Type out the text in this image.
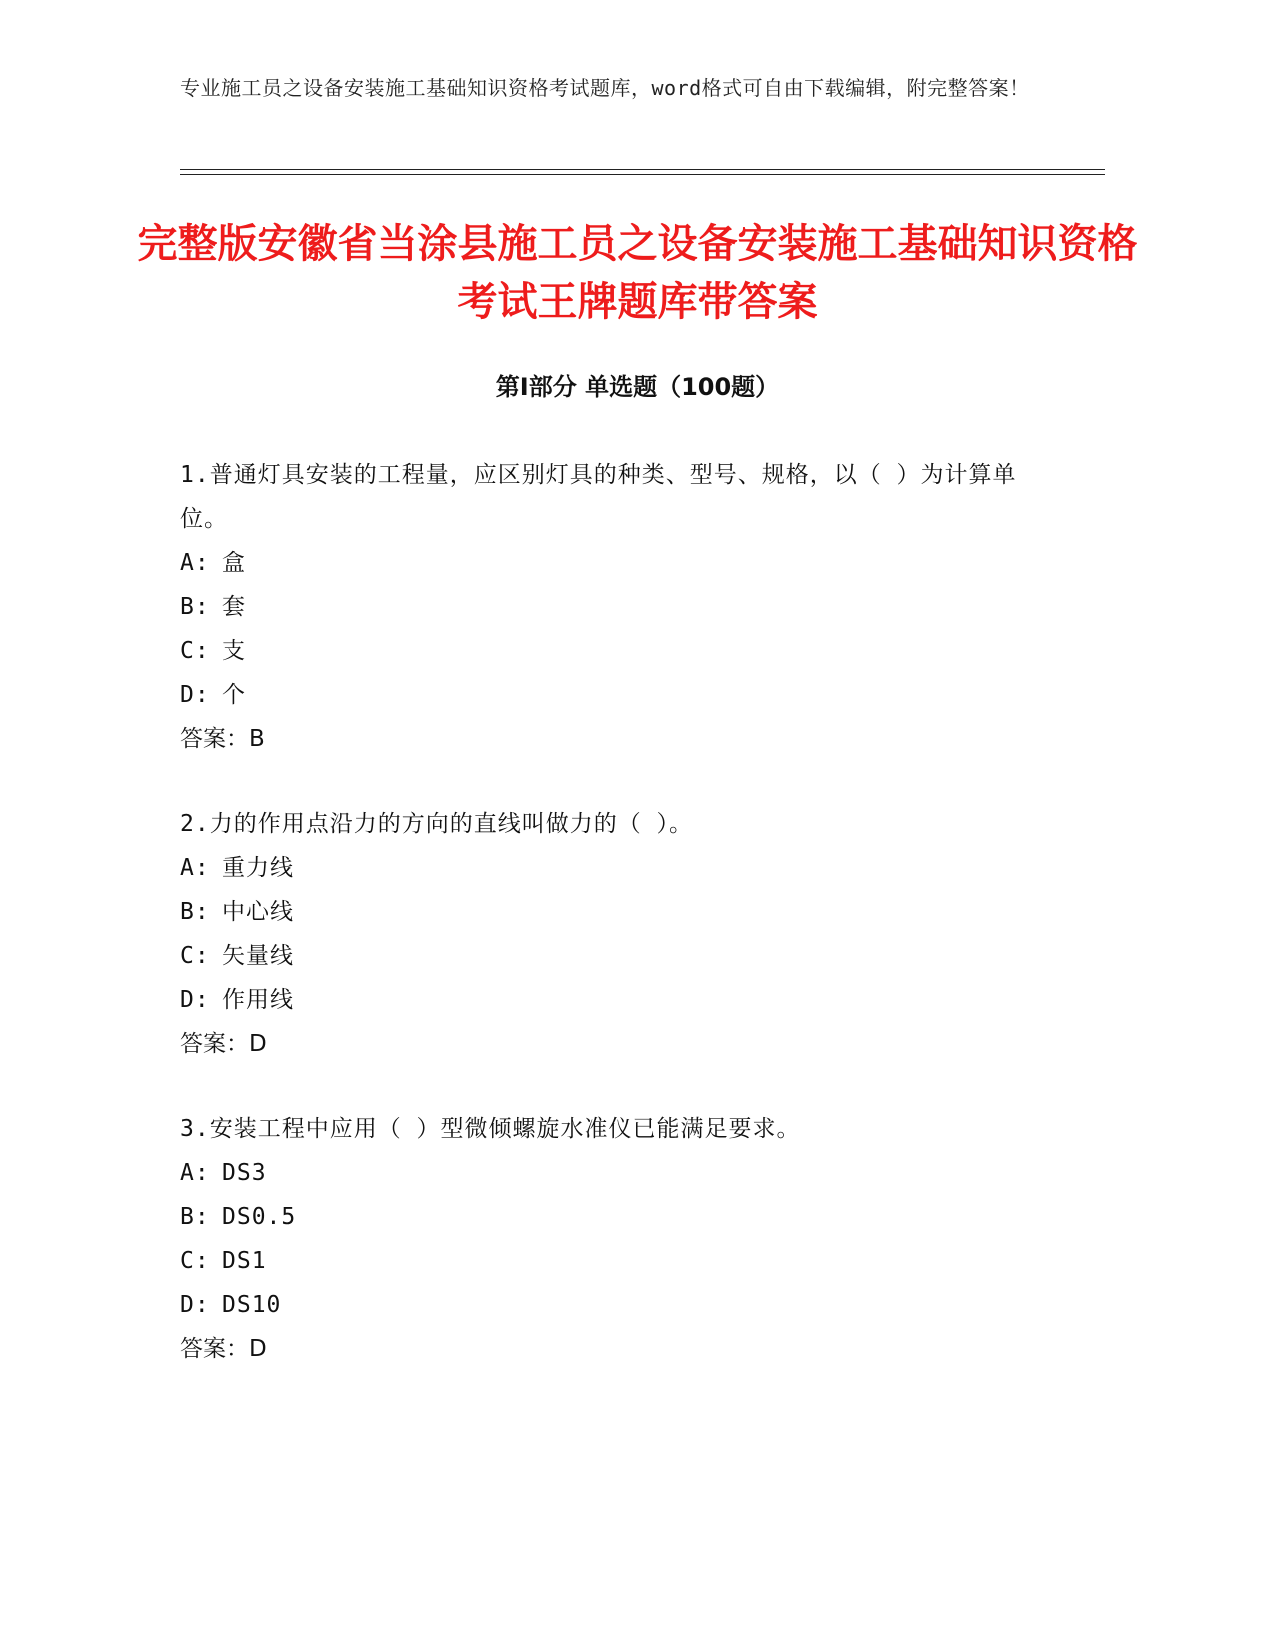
专业施工员之设备安装施工基础知识资格考试题库，word格式可自由下载编辑，附完整答案！
完整版安徽省当涂县施工员之设备安装施工基础知识资格考试王牌题库带答案
第Ⅰ部分 单选题（100题）
1.普通灯具安装的工程量，应区别灯具的种类、型号、规格，以（ ）为计算单位。
A: 盒
B: 套
C: 支
D: 个
答案：B
2.力的作用点沿力的方向的直线叫做力的（ ）。
A: 重力线
B: 中心线
C: 矢量线
D: 作用线
答案：D
3.安装工程中应用（ ）型微倾螺旋水准仪已能满足要求。
A: DS3
B: DS0.5
C: DS1
D: DS10
答案：D
